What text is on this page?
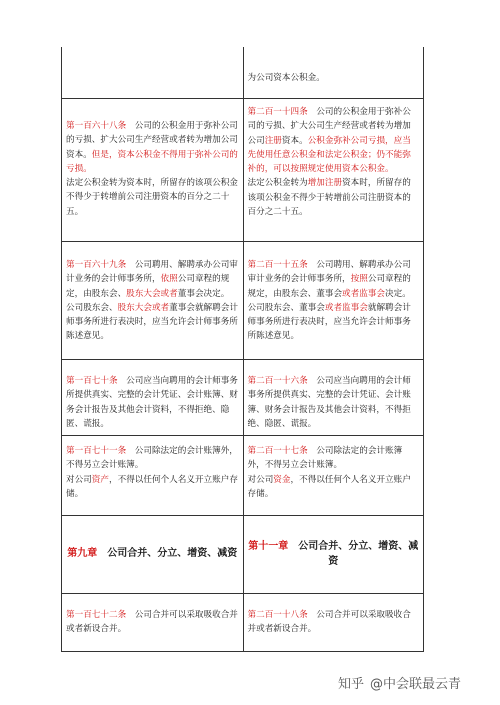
为公司资本公积金。
第一百六十八条　公司的公积金用于弥补公司的亏损、扩大公司生产经营或者转为增加公司资本。但是，资本公积金不得用于弥补公司的亏损。
法定公积金转为资本时，所留存的该项公积金不得少于转增前公司注册资本的百分之二十五。
第二百一十四条　公司的公积金用于弥补公司的亏损、扩大公司生产经营或者转为增加公司注册资本。公积金弥补公司亏损，应当先使用任意公积金和法定公积金；仍不能弥补的，可以按照规定使用资本公积金。
法定公积金转为增加注册资本时，所留存的该项公积金不得少于转增前公司注册资本的百分之二十五。
第一百六十九条　公司聘用、解聘承办公司审计业务的会计师事务所，依照公司章程的规定，由股东会、股东大会或者董事会决定。
公司股东会、股东大会或者董事会就解聘会计师事务所进行表决时，应当允许会计师事务所陈述意见。
第二百一十五条　公司聘用、解聘承办公司审计业务的会计师事务所，按照公司章程的规定，由股东会、董事会或者监事会决定。
公司股东会、董事会或者监事会就解聘会计师事务所进行表决时，应当允许会计师事务所陈述意见。
第一百七十条　公司应当向聘用的会计师事务所提供真实、完整的会计凭证、会计账簿、财务会计报告及其他会计资料，不得拒绝、隐匿、谎报。
第二百一十六条　公司应当向聘用的会计师事务所提供真实、完整的会计凭证、会计账簿、财务会计报告及其他会计资料，不得拒绝、隐匿、谎报。
第一百七十一条　公司除法定的会计账簿外，不得另立会计账簿。
对公司资产，不得以任何个人名义开立账户存储。
第二百一十七条　公司除法定的会计账簿外，不得另立会计账簿。
对公司资金，不得以任何个人名义开立账户存储。
第九章　公司合并、分立、增资、减资
第十一章　公司合并、分立、增资、减资
第一百七十二条　公司合并可以采取吸收合并或者新设合并。
第二百一十八条　公司合并可以采取吸收合并或者新设合并。
知乎 @中会联最云青
